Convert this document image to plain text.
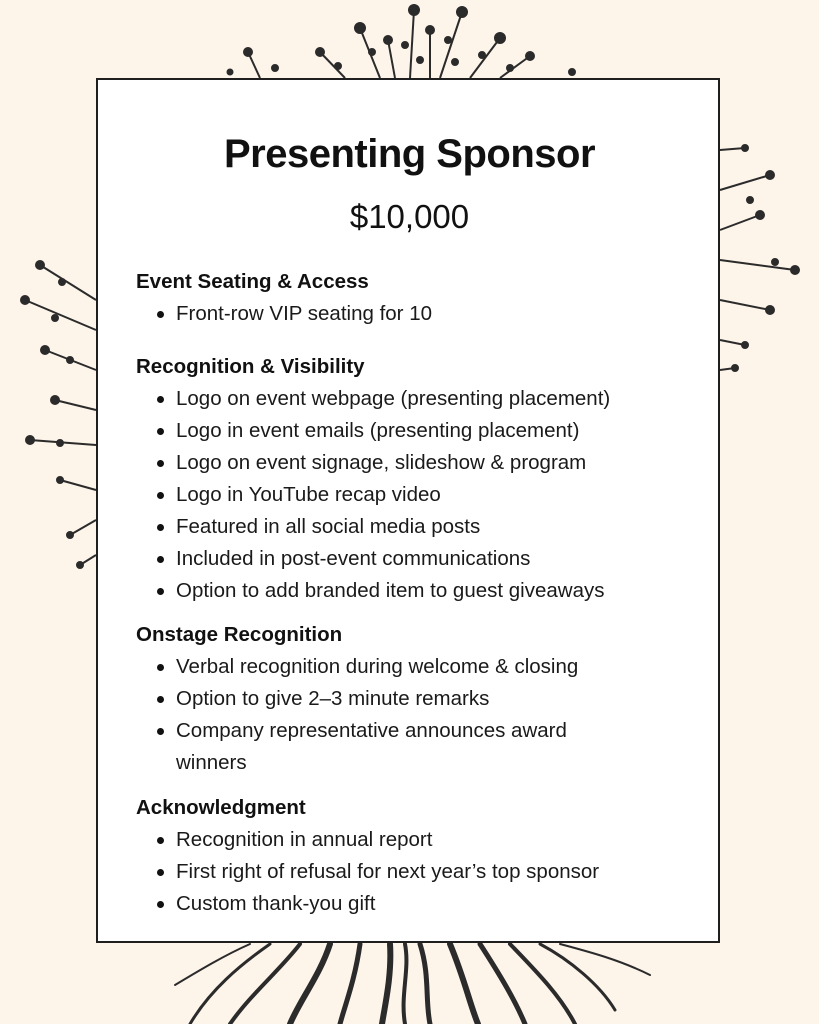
Presenting Sponsor
$10,000
Event Seating & Access
Front-row VIP seating for 10
Recognition & Visibility
Logo on event webpage (presenting placement)
Logo in event emails (presenting placement)
Logo on event signage, slideshow & program
Logo in YouTube recap video
Featured in all social media posts
Included in post-event communications
Option to add branded item to guest giveaways
Onstage Recognition
Verbal recognition during welcome & closing
Option to give 2–3 minute remarks
Company representative announces award winners
Acknowledgment
Recognition in annual report
First right of refusal for next year’s top sponsor
Custom thank-you gift
